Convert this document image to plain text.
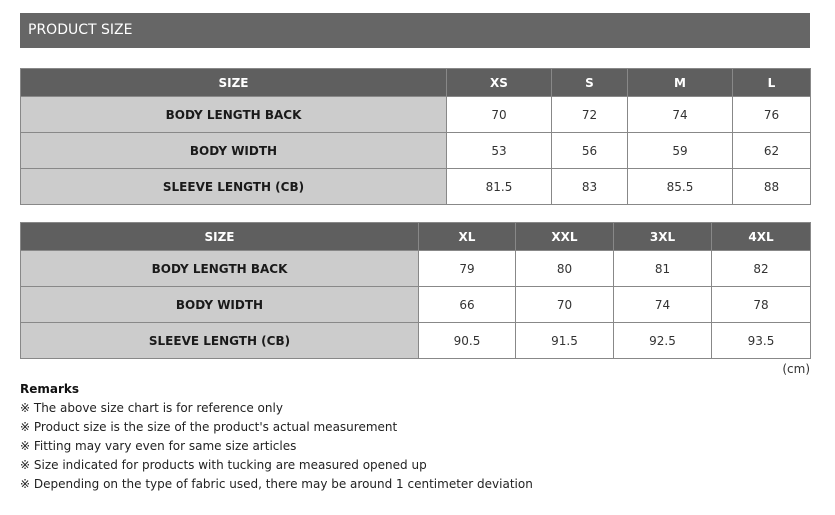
PRODUCT SIZE
SIZE	XS	S	M	L
BODY LENGTH BACK	70	72	74	76
BODY WIDTH	53	56	59	62
SLEEVE LENGTH (CB)	81.5	83	85.5	88
SIZE	XL	XXL	3XL	4XL
BODY LENGTH BACK	79	80	81	82
BODY WIDTH	66	70	74	78
SLEEVE LENGTH (CB)	90.5	91.5	92.5	93.5
(cm)
Remarks
※ The above size chart is for reference only
※ Product size is the size of the product's actual measurement
※ Fitting may vary even for same size articles
※ Size indicated for products with tucking are measured opened up
※ Depending on the type of fabric used, there may be around 1 centimeter deviation
